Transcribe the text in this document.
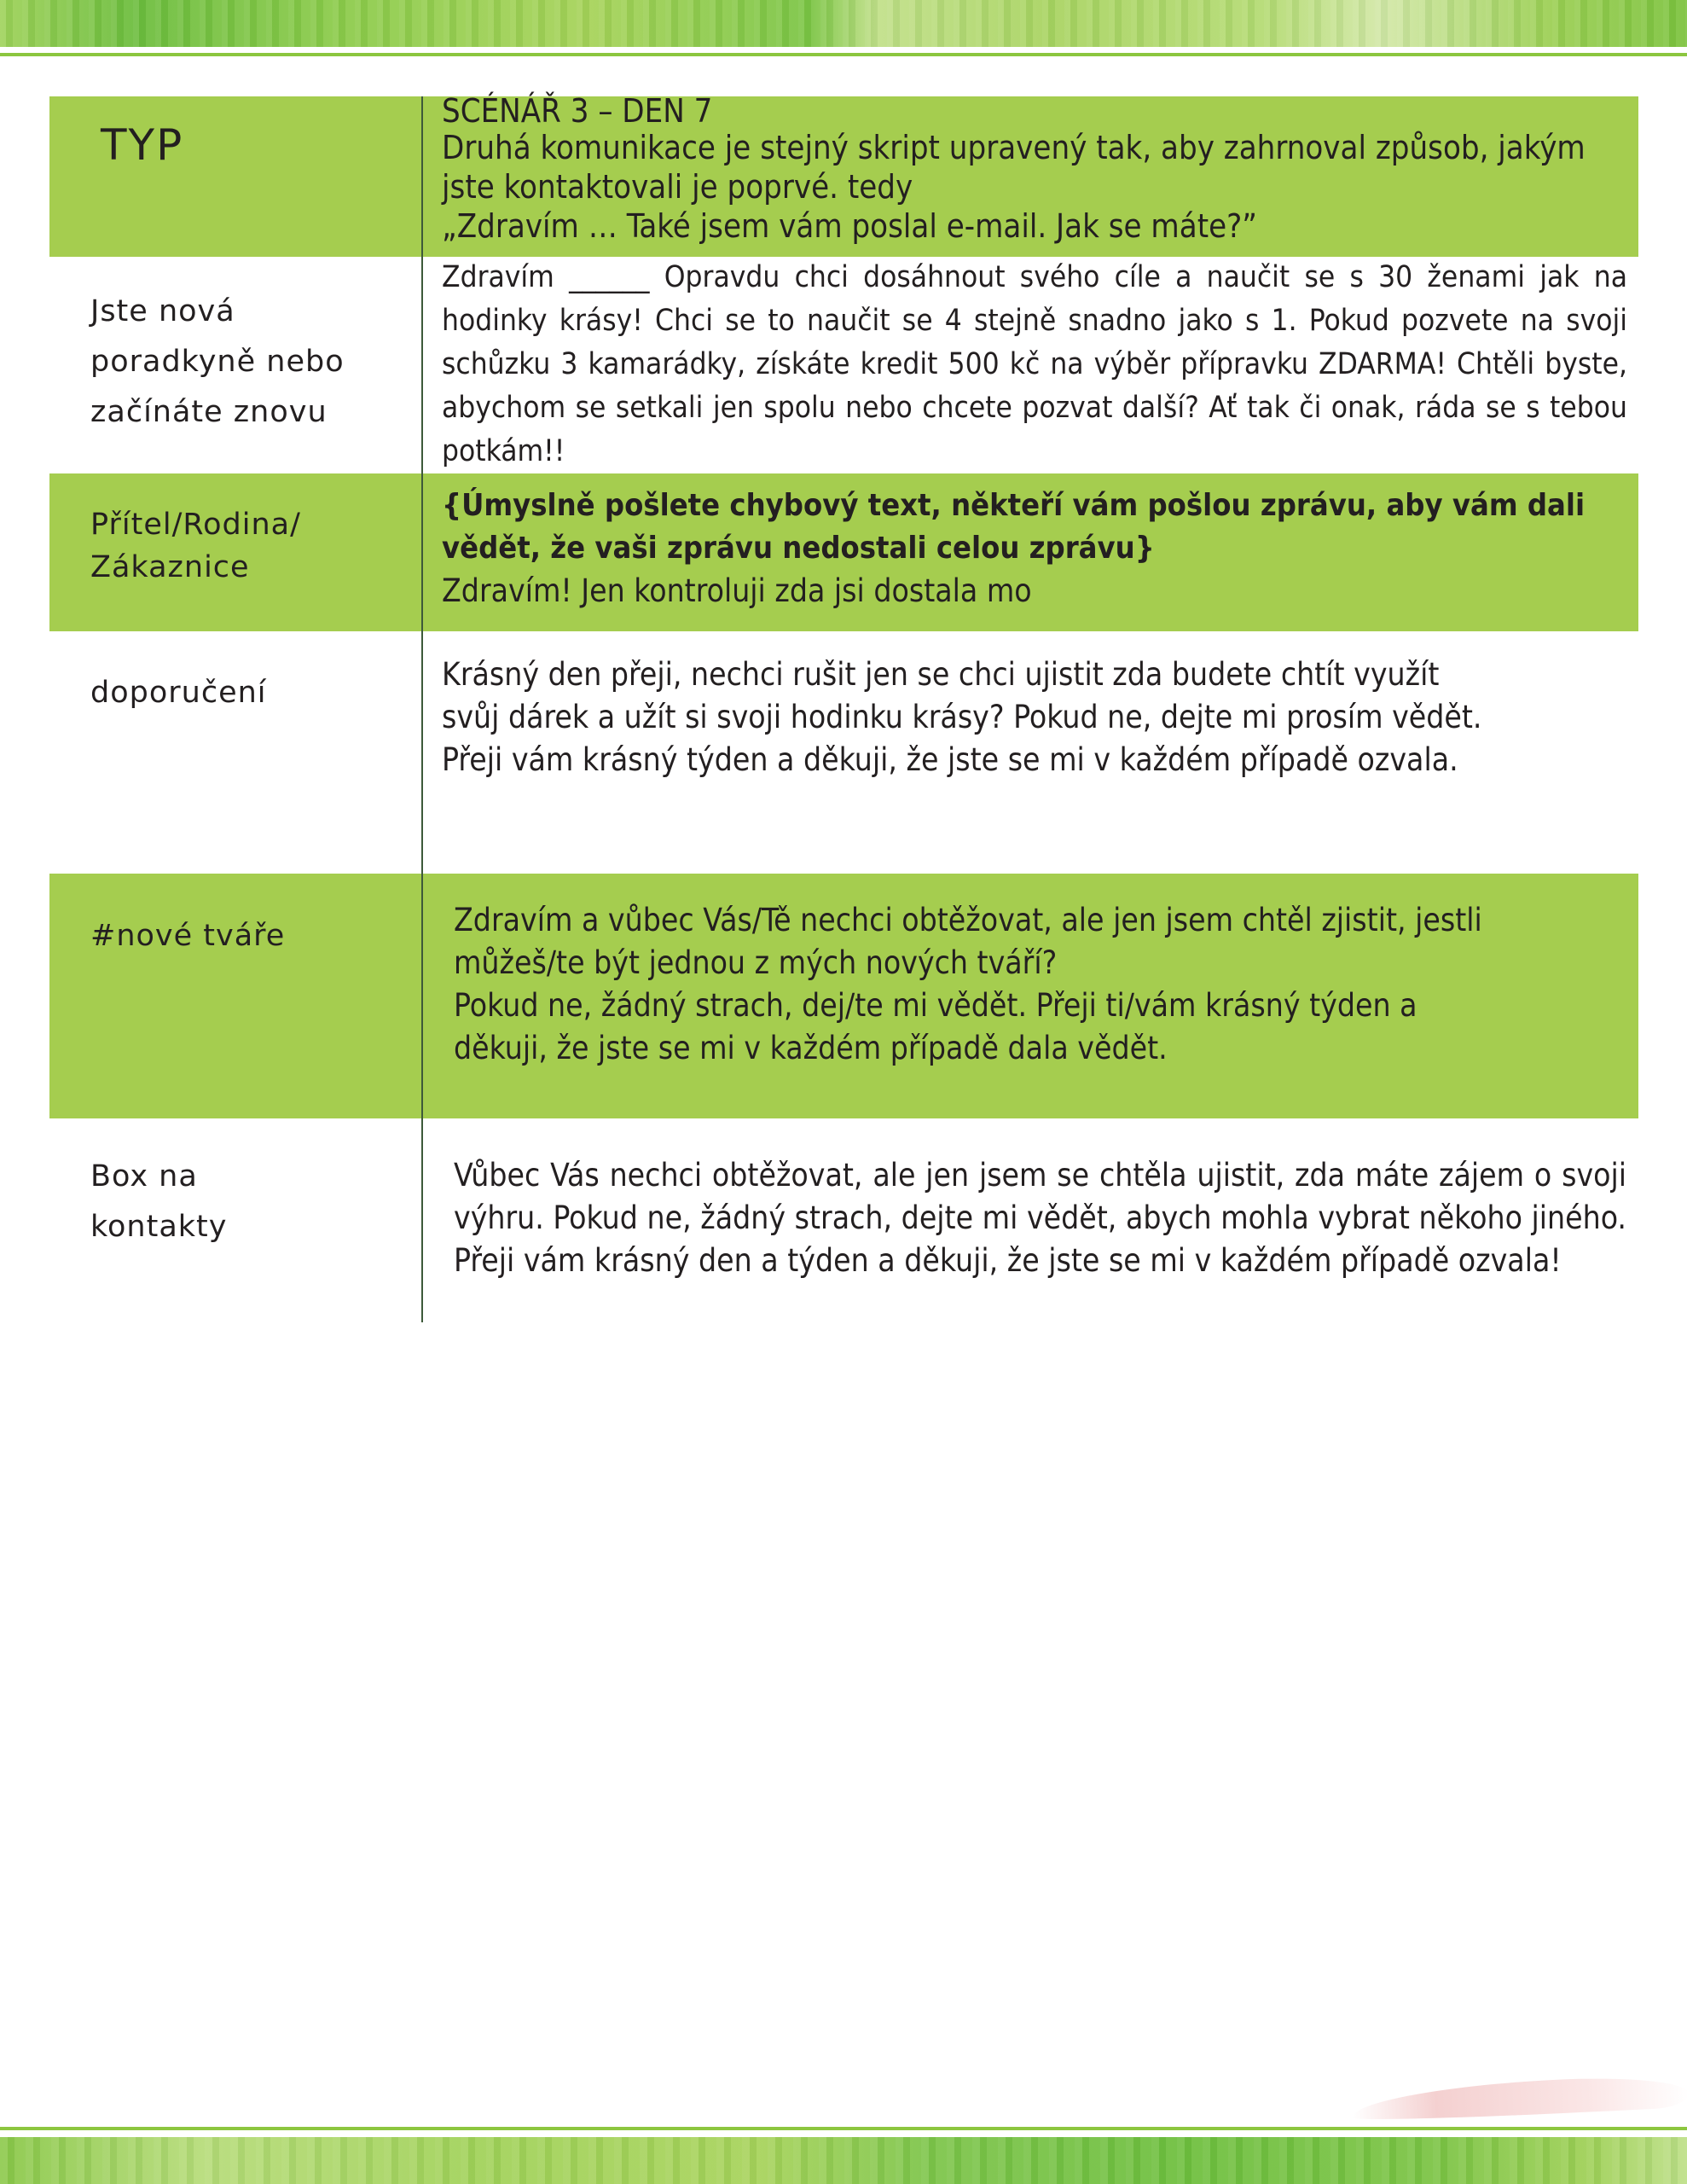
TYP
SCÉNÁŘ 3 – DEN 7
Druhá komunikace je stejný skript upravený tak, aby zahrnoval způsob, jakým jste kontaktovali je poprvé. tedy
„Zdravím … Také jsem vám poslal e-mail. Jak se máte?”
Jste nová
poradkyně nebo
začínáte znovu
Zdravím ______ Opravdu chci dosáhnout svého cíle a naučit se s 30 ženami jak na hodinky krásy! Chci se to naučit se 4 stejně snadno jako s 1. Pokud pozvete na svoji schůzku 3 kamarádky, získáte kredit 500 kč na výběr přípravku ZDARMA! Chtěli byste, abychom se setkali jen spolu nebo chcete pozvat další? Ať tak či onak, ráda se s tebou potkám!!
Přítel/Rodina/
Zákaznice
{Úmyslně pošlete chybový text, někteří vám pošlou zprávu, aby vám dali vědět, že vaši zprávu nedostali celou zprávu}
Zdravím! Jen kontroluji zda jsi dostala mo
doporučení	Krásný den přeji, nechci rušit jen se chci ujistit zda budete chtít využít
svůj dárek a užít si svoji hodinku krásy? Pokud ne, dejte mi prosím vědět.
Přeji vám krásný týden a děkuji, že jste se mi v každém případě ozvala.
#nové tváře	Zdravím a vůbec Vás/Tě nechci obtěžovat, ale jen jsem chtěl zjistit, jestli
můžeš/te být jednou z mých nových tváří?
Pokud ne, žádný strach, dej/te mi vědět. Přeji ti/vám krásný týden a
děkuji, že jste se mi v každém případě dala vědět.
Box na
kontakty
Vůbec Vás nechci obtěžovat, ale jen jsem se chtěla ujistit, zda máte zájem o svoji výhru. Pokud ne, žádný strach, dejte mi vědět, abych mohla vybrat někoho jiného. Přeji vám krásný den a týden a děkuji, že jste se mi v každém případě ozvala!
